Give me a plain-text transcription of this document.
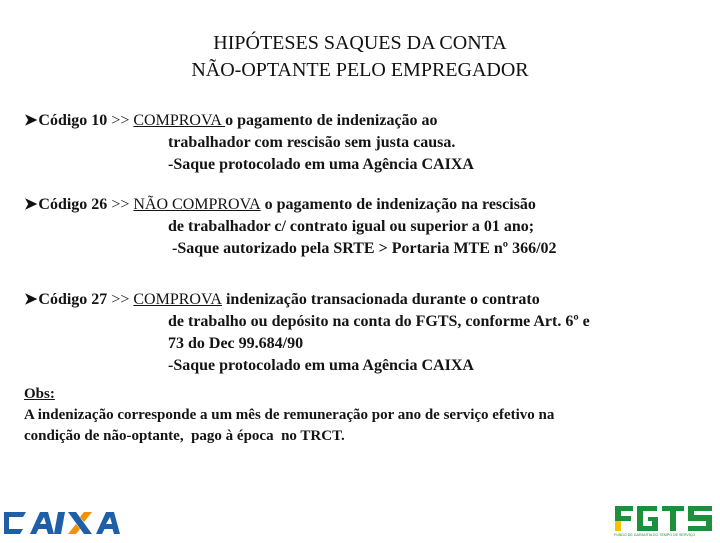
HIPÓTESES SAQUES DA CONTA
NÃO-OPTANTE PELO EMPREGADOR
➤Código 10 >> COMPROVA o pagamento de indenização ao
trabalhador com rescisão sem justa causa.
-Saque protocolado em uma Agência CAIXA
➤Código 26 >> NÃO COMPROVA o pagamento de indenização na rescisão
de trabalhador c/ contrato igual ou superior a 01 ano;
-Saque autorizado pela SRTE > Portaria MTE nº 366/02
➤Código 27 >> COMPROVA indenização transacionada durante o contrato
de trabalho ou depósito na conta do FGTS, conforme Art. 6º e
73 do Dec 99.684/90
-Saque protocolado em uma Agência CAIXA
Obs:
A indenização corresponde a um mês de remuneração por ano de serviço efetivo na
condição de não-optante,  pago à época  no TRCT.
FUNDO DE GARANTIA DO TEMPO DE SERVIÇO
